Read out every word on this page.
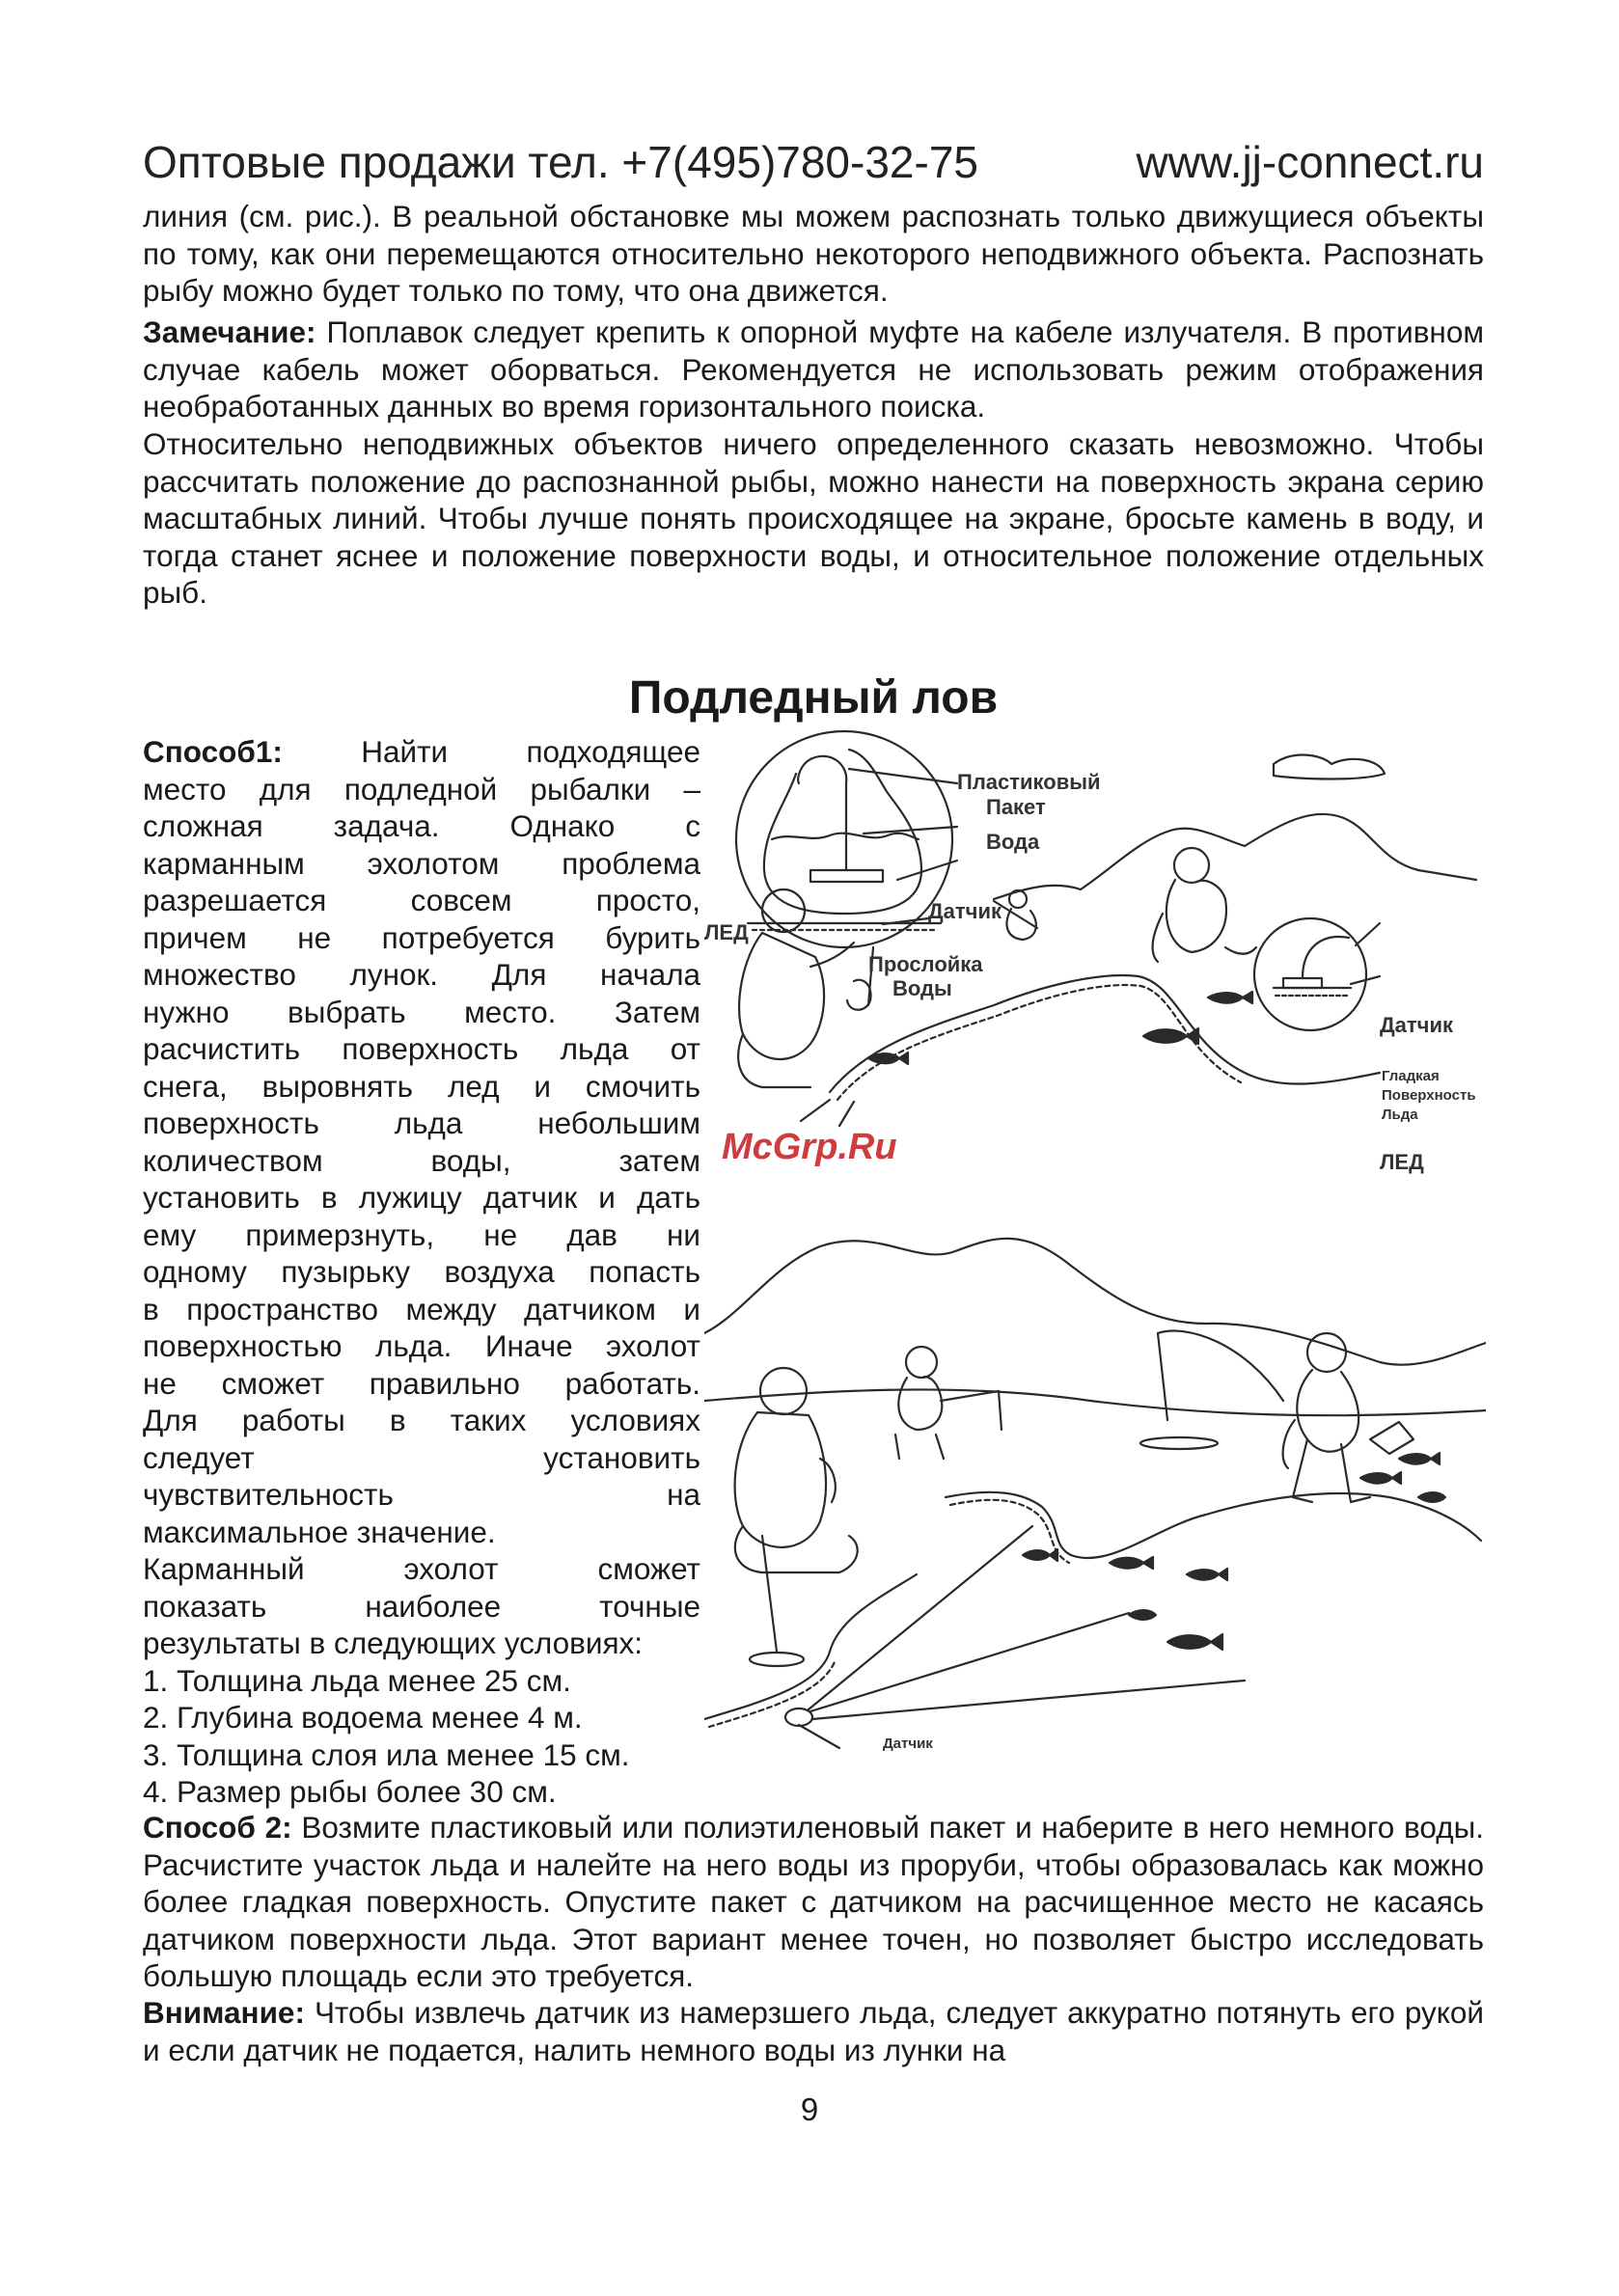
Оптовые продажи тел. +7(495)780-32-75	www.jj-connect.ru

линия (см. рис.). В реальной обстановке мы можем распознать только движущиеся объекты по тому, как они перемещаются относительно некоторого неподвижного объекта. Распознать рыбу можно будет только по тому, что она движется.

Замечание: Поплавок следует крепить к опорной муфте на кабеле излучателя. В противном случае кабель может оборваться. Рекомендуется не использовать режим отображения необработанных данных во время горизонтального поиска.

Относительно неподвижных объектов ничего определенного сказать невозможно. Чтобы рассчитать положение до распознанной рыбы, можно нанести на поверхность экрана серию масштабных линий. Чтобы лучше понять происходящее на экране, бросьте камень в воду, и тогда станет яснее и положение поверхности воды, и относительное положение отдельных рыб.

Подледный лов

Способ1: Найти подходящее

место для подледной рыбалки –

сложная задача. Однако с

карманным эхолотом проблема

разрешается совсем просто,

причем не потребуется бурить

множество лунок. Для начала

нужно выбрать место. Затем

расчистить поверхность льда от

снега, выровнять лед и смочить

поверхность льда небольшим

количеством воды, затем

установить в лужицу датчик и дать

ему примерзнуть, не дав ни

одному пузырьку воздуха попасть

в пространство между датчиком и

поверхностью льда. Иначе эхолот

не сможет правильно работать.

Для работы в таких условиях

следует установить

чувствительность на

максимальное значение.

Карманный эхолот сможет

показать наиболее точные

результаты в следующих условиях:

1. Толщина льда менее 25 см.

2. Глубина водоема менее 4 м.

3. Толщина слоя ила менее 15 см.

4. Размер рыбы более 30 см.

Способ 2: Возмите пластиковый или полиэтиленовый пакет и наберите в него немного воды. Расчистите участок льда и налейте на него воды из проруби, чтобы образовалась как можно более гладкая поверхность. Опустите пакет с датчиком на расчищенное место не касаясь датчиком поверхности льда. Этот вариант менее точен, но позволяет быстро исследовать большую площадь если это требуется.

Внимание: Чтобы извлечь датчик из намерзшего льда, следует аккуратно потянуть его рукой и если датчик не подается, налить немного воды из лунки на

Пластиковый
Пакет
Вода
Датчик
ЛЕД
Прослойка
Воды
Датчик
Гладкая
Поверхность
Льда
ЛЕД
Датчик
McGrp.Ru
9
